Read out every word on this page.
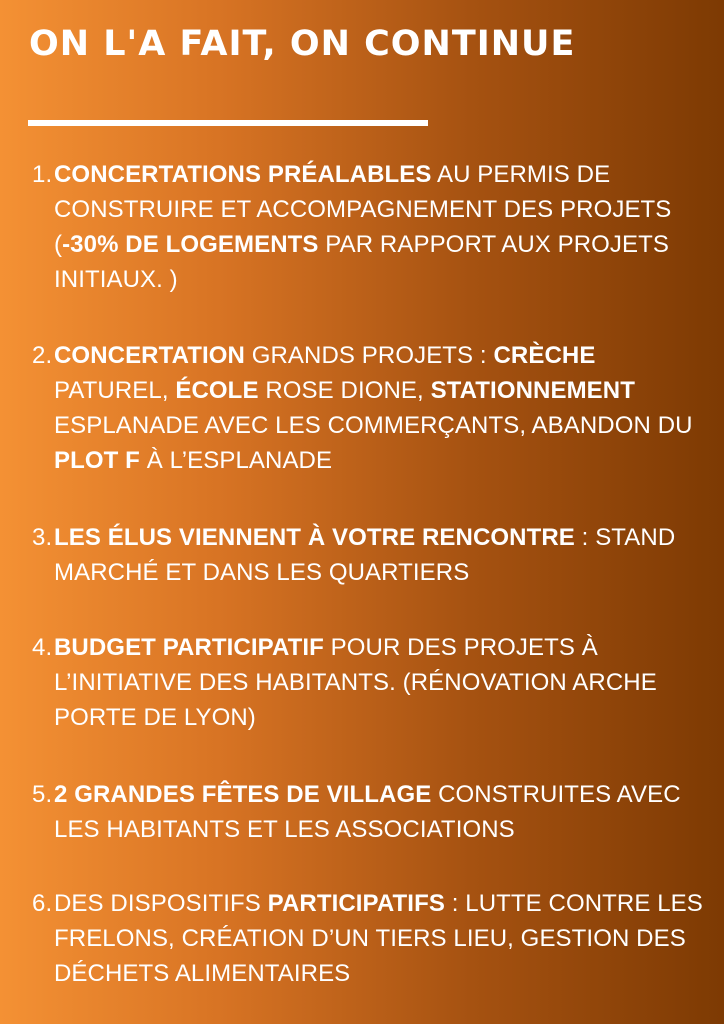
ON L'A FAIT, ON CONTINUE
1. CONCERTATIONS PRÉALABLES AU PERMIS DE CONSTRUIRE ET ACCOMPAGNEMENT DES PROJETS (-30% DE LOGEMENTS PAR RAPPORT AUX PROJETS INITIAUX. )
2. CONCERTATION GRANDS PROJETS : CRÈCHE PATUREL, ÉCOLE ROSE DIONE, STATIONNEMENT ESPLANADE AVEC LES COMMERÇANTS, ABANDON DU PLOT F À L’ESPLANADE
3. LES ÉLUS VIENNENT À VOTRE RENCONTRE : STAND MARCHÉ ET DANS LES QUARTIERS
4. BUDGET PARTICIPATIF POUR DES PROJETS À L’INITIATIVE DES HABITANTS. (RÉNOVATION ARCHE PORTE DE LYON)
5. 2 GRANDES FÊTES DE VILLAGE CONSTRUITES AVEC LES HABITANTS ET LES ASSOCIATIONS
6. DES DISPOSITIFS PARTICIPATIFS : LUTTE CONTRE LES FRELONS, CRÉATION D’UN TIERS LIEU, GESTION DES DÉCHETS ALIMENTAIRES
